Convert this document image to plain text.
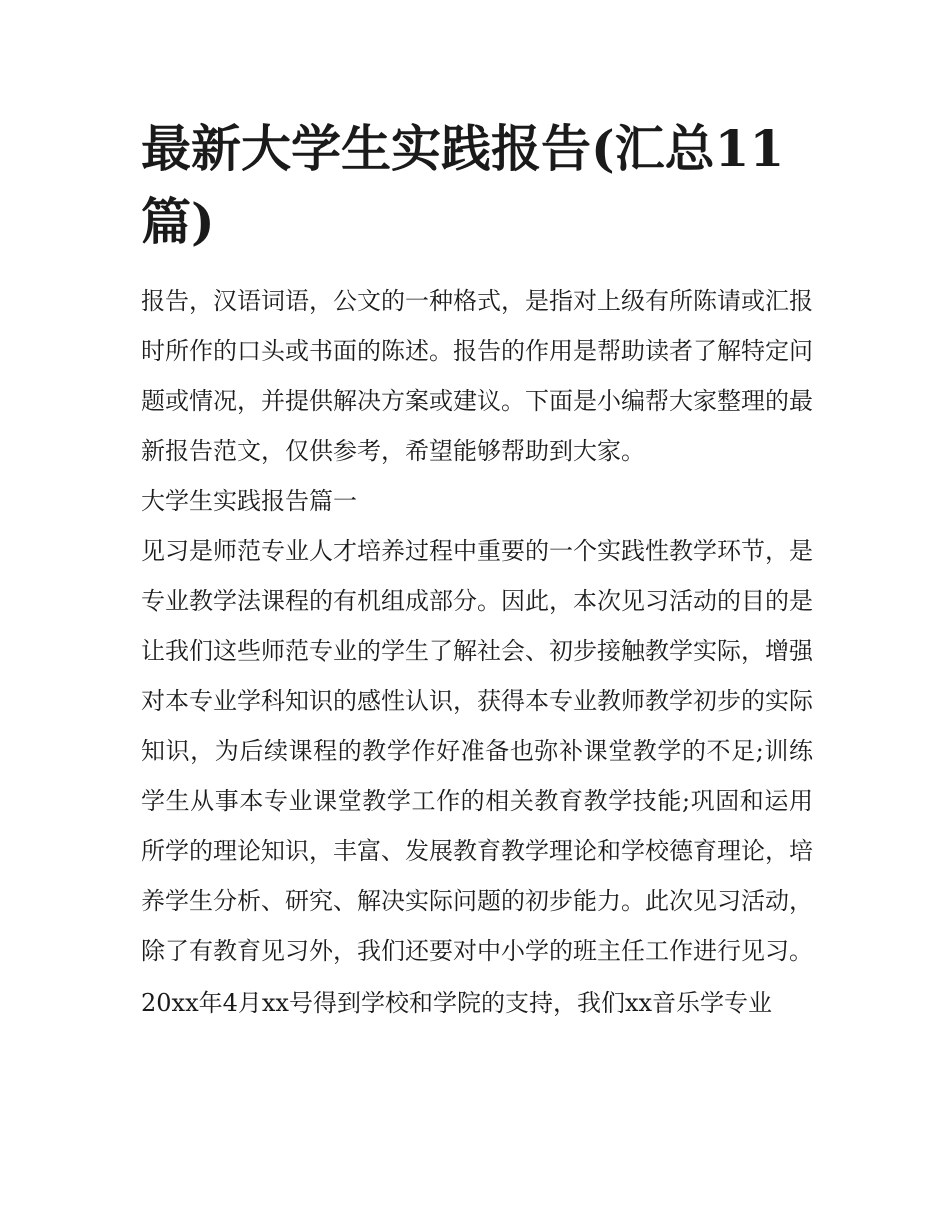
最新大学生实践报告(汇总11篇)

报告，汉语词语，公文的一种格式，是指对上级有所陈请或汇报时所作的口头或书面的陈述。报告的作用是帮助读者了解特定问题或情况，并提供解决方案或建议。下面是小编帮大家整理的最新报告范文，仅供参考，希望能够帮助到大家。

大学生实践报告篇一

见习是师范专业人才培养过程中重要的一个实践性教学环节，是专业教学法课程的有机组成部分。因此，本次见习活动的目的是让我们这些师范专业的学生了解社会、初步接触教学实际，增强对本专业学科知识的感性认识，获得本专业教师教学初步的实际知识，为后续课程的教学作好准备也弥补课堂教学的不足;训练学生从事本专业课堂教学工作的相关教育教学技能;巩固和运用所学的理论知识，丰富、发展教育教学理论和学校德育理论，培养学生分析、研究、解决实际问题的初步能力。此次见习活动，除了有教育见习外，我们还要对中小学的班主任工作进行见习。

20xx年4月xx号得到学校和学院的支持，我们xx音乐学专业
